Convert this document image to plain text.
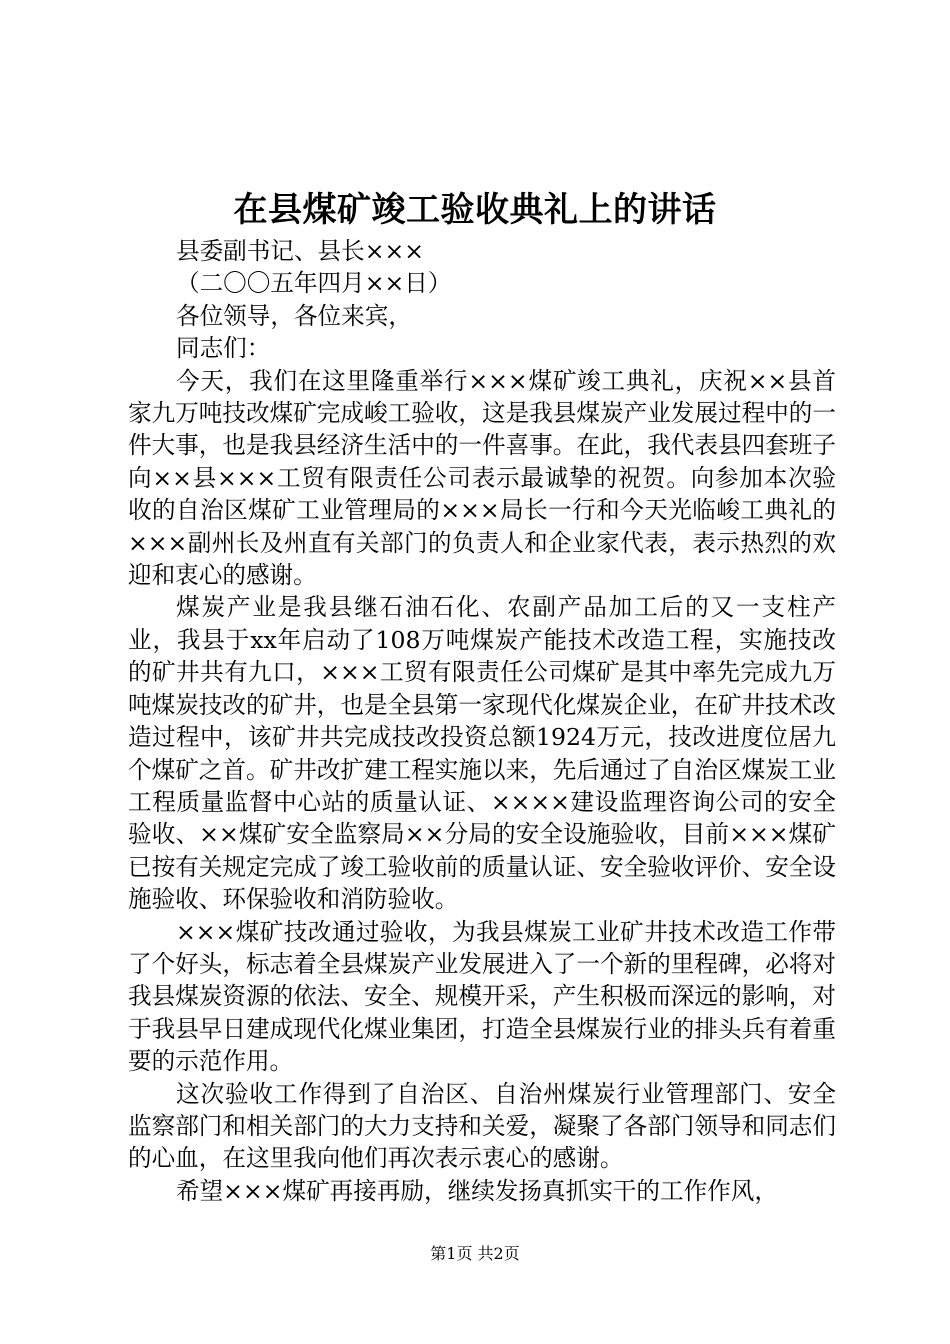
在县煤矿竣工验收典礼上的讲话
县委副书记、县长×××
（二〇〇五年四月××日）
各位领导，各位来宾，
同志们：

今天，我们在这里隆重举行×××煤矿竣工典礼，庆祝××县首家九万吨技改煤矿完成峻工验收，这是我县煤炭产业发展过程中的一件大事，也是我县经济生活中的一件喜事。在此，我代表县四套班子向××县×××工贸有限责任公司表示最诚挚的祝贺。向参加本次验收的自治区煤矿工业管理局的×××局长一行和今天光临峻工典礼的×××副州长及州直有关部门的负责人和企业家代表，表示热烈的欢迎和衷心的感谢。

煤炭产业是我县继石油石化、农副产品加工后的又一支柱产业，我县于xx年启动了108万吨煤炭产能技术改造工程，实施技改的矿井共有九口，×××工贸有限责任公司煤矿是其中率先完成九万吨煤炭技改的矿井，也是全县第一家现代化煤炭企业，在矿井技术改造过程中，该矿井共完成技改投资总额1924万元，技改进度位居九个煤矿之首。矿井改扩建工程实施以来，先后通过了自治区煤炭工业工程质量监督中心站的质量认证、××××建设监理咨询公司的安全验收、××煤矿安全监察局××分局的安全设施验收，目前×××煤矿已按有关规定完成了竣工验收前的质量认证、安全验收评价、安全设施验收、环保验收和消防验收。

×××煤矿技改通过验收，为我县煤炭工业矿井技术改造工作带了个好头，标志着全县煤炭产业发展进入了一个新的里程碑，必将对我县煤炭资源的依法、安全、规模开采，产生积极而深远的影响，对于我县早日建成现代化煤业集团，打造全县煤炭行业的排头兵有着重要的示范作用。

这次验收工作得到了自治区、自治州煤炭行业管理部门、安全监察部门和相关部门的大力支持和关爱，凝聚了各部门领导和同志们的心血，在这里我向他们再次表示衷心的感谢。

希望×××煤矿再接再励，继续发扬真抓实干的工作作风，

第1页 共2页
